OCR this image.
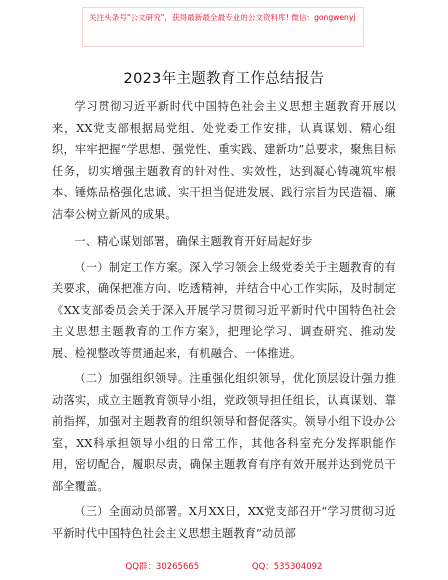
关注头条号"公文研究"，获得最新最全最专业的公文资料库! 微信：gongwenyj
2023年主题教育工作总结报告

学习贯彻习近平新时代中国特色社会主义思想主题教育开展以来，XX党支部根据局党组、处党委工作安排，认真谋划、精心组织，牢牢把握“学思想、强党性、重实践、建新功”总要求，聚焦目标任务，切实增强主题教育的针对性、实效性，达到凝心铸魂筑牢根本、锤炼品格强化忠诚、实干担当促进发展、践行宗旨为民造福、廉洁奉公树立新风的成果。

一、精心谋划部署，确保主题教育开好局起好步

（一）制定工作方案。深入学习领会上级党委关于主题教育的有关要求，确保把准方向、吃透精神，并结合中心工作实际，及时制定《XX支部委员会关于深入开展学习贯彻习近平新时代中国特色社会主义思想主题教育的工作方案》，把理论学习、调查研究、推动发展、检视整改等贯通起来，有机融合、一体推进。

（二）加强组织领导。注重强化组织领导，优化顶层设计强力推动落实，成立主题教育领导小组，党政领导担任组长，认真谋划、靠前指挥，加强对主题教育的组织领导和督促落实。领导小组下设办公室，XX科承担领导小组的日常工作，其他各科室充分发挥职能作用，密切配合，履职尽责，确保主题教育有序有效开展并达到党员干部全覆盖。

（三）全面动员部署。X月XX日，XX党支部召开“学习贯彻习近平新时代中国特色社会主义思想主题教育”动员部

QQ群：30265665	QQ：535304092
